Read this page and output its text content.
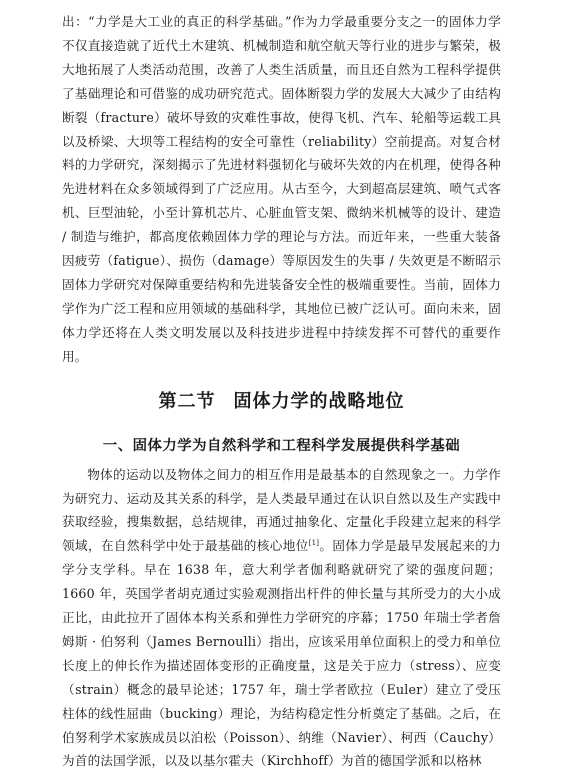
出：“力学是大工业的真正的科学基础。”作为力学最重要分支之一的固体力学不仅直接造就了近代土木建筑、机械制造和航空航天等行业的进步与繁荣，极大地拓展了人类活动范围，改善了人类生活质量，而且还自然为工程科学提供了基础理论和可借鉴的成功研究范式。固体断裂力学的发展大大减少了由结构断裂（fracture）破坏导致的灾难性事故，使得飞机、汽车、轮船等运载工具以及桥梁、大坝等工程结构的安全可靠性（reliability）空前提高。对复合材料的力学研究，深刻揭示了先进材料强韧化与破坏失效的内在机理，使得各种先进材料在众多领域得到了广泛应用。从古至今，大到超高层建筑、喷气式客机、巨型油轮，小至计算机芯片、心脏血管支架、微纳米机械等的设计、建造 / 制造与维护，都高度依赖固体力学的理论与方法。而近年来，一些重大装备因疲劳（fatigue）、损伤（damage）等原因发生的失事 / 失效更是不断昭示固体力学研究对保障重要结构和先进装备安全性的极端重要性。当前，固体力学作为广泛工程和应用领域的基础科学，其地位已被广泛认可。面向未来，固体力学还将在人类文明发展以及科技进步进程中持续发挥不可替代的重要作用。

第二节 固体力学的战略地位
一、固体力学为自然科学和工程科学发展提供科学基础

物体的运动以及物体之间力的相互作用是最基本的自然现象之一。力学作为研究力、运动及其关系的科学，是人类最早通过在认识自然以及生产实践中获取经验，搜集数据，总结规律，再通过抽象化、定量化手段建立起来的科学领域，在自然科学中处于最基础的核心地位[1]。固体力学是最早发展起来的力学分支学科。早在 1638 年，意大利学者伽利略就研究了梁的强度问题；1660 年，英国学者胡克通过实验观测指出杆件的伸长量与其所受力的大小成正比，由此拉开了固体本构关系和弹性力学研究的序幕；1750 年瑞士学者詹姆斯 · 伯努利（James Bernoulli）指出，应该采用单位面积上的受力和单位长度上的伸长作为描述固体变形的正确度量，这是关于应力（stress）、应变（strain）概念的最早论述；1757 年，瑞士学者欧拉（Euler）建立了受压柱体的线性屈曲（bucking）理论，为结构稳定性分析奠定了基础。之后，在伯努利学术家族成员以泊松（Poisson）、纳维（Navier）、柯西（Cauchy）为首的法国学派，以及以基尔霍夫（Kirchhoff）为首的德国学派和以格林
